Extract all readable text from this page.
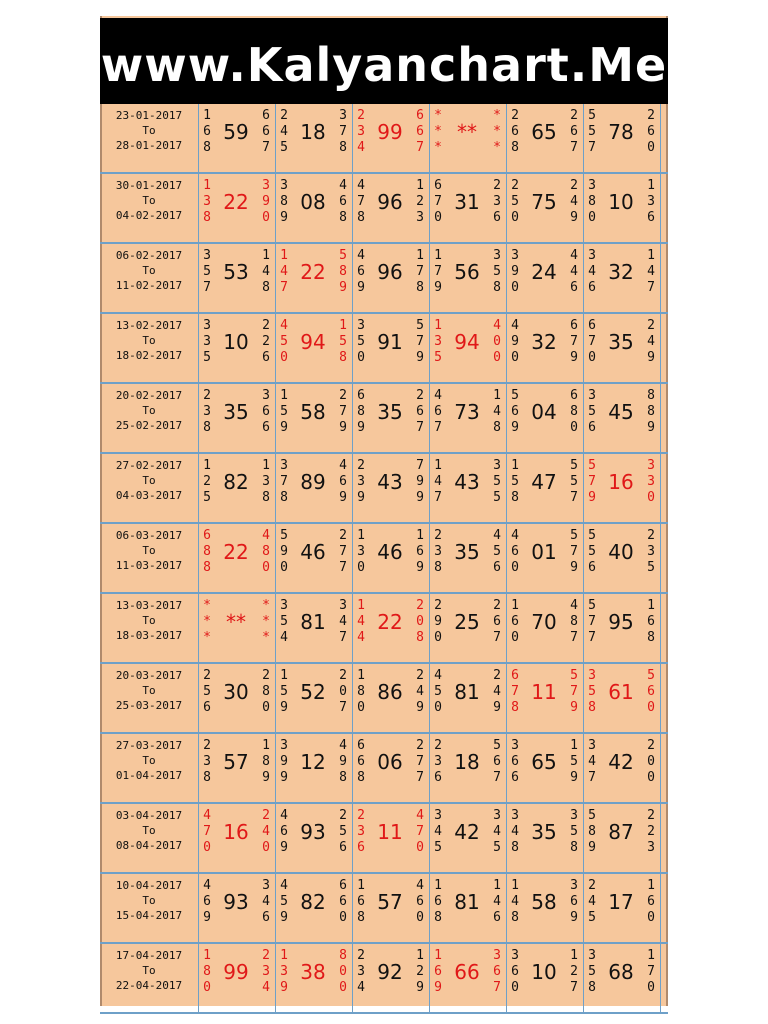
www.Kalyanchart.Me
23-01-2017
To
28-01-2017
1
6
8
59
6
6
7
2
4
5
18
3
7
8
2
3
4
99
6
6
7
*
*
*
**
*
*
*
2
6
8
65
2
6
7
5
5
7
78
2
6
0
30-01-2017
To
04-02-2017
1
3
8
22
3
9
0
3
8
9
08
4
6
8
4
7
8
96
1
2
3
6
7
0
31
2
3
6
2
5
0
75
2
4
9
3
8
0
10
1
3
6
06-02-2017
To
11-02-2017
3
5
7
53
1
4
8
1
4
7
22
5
8
9
4
6
9
96
1
7
8
1
7
9
56
3
5
8
3
9
0
24
4
4
6
3
4
6
32
1
4
7
13-02-2017
To
18-02-2017
3
3
5
10
2
2
6
4
5
0
94
1
5
8
3
5
0
91
5
7
9
1
3
5
94
4
0
0
4
9
0
32
6
7
9
6
7
0
35
2
4
9
20-02-2017
To
25-02-2017
2
3
8
35
3
6
6
1
5
9
58
2
7
9
6
8
9
35
2
6
7
4
6
7
73
1
4
8
5
6
9
04
6
8
0
3
5
6
45
8
8
9
27-02-2017
To
04-03-2017
1
2
5
82
1
3
8
3
7
8
89
4
6
9
2
3
9
43
7
9
9
1
4
7
43
3
5
5
1
5
8
47
5
5
7
5
7
9
16
3
3
0
06-03-2017
To
11-03-2017
6
8
8
22
4
8
0
5
9
0
46
2
7
7
1
3
0
46
1
6
9
2
3
8
35
4
5
6
4
6
0
01
5
7
9
5
5
6
40
2
3
5
13-03-2017
To
18-03-2017
*
*
*
**
*
*
*
3
5
4
81
3
4
7
1
4
4
22
2
0
8
2
9
0
25
2
6
7
1
6
0
70
4
8
7
5
7
7
95
1
6
8
20-03-2017
To
25-03-2017
2
5
6
30
2
8
0
1
5
9
52
2
0
7
1
8
0
86
2
4
9
4
5
0
81
2
4
9
6
7
8
11
5
7
9
3
5
8
61
5
6
0
27-03-2017
To
01-04-2017
2
3
8
57
1
8
9
3
9
9
12
4
9
8
6
6
8
06
2
7
7
2
3
6
18
5
6
7
3
6
6
65
1
5
9
3
4
7
42
2
0
0
03-04-2017
To
08-04-2017
4
7
0
16
2
4
0
4
6
9
93
2
5
6
2
3
6
11
4
7
0
3
4
5
42
3
4
5
3
4
8
35
3
5
8
5
8
9
87
2
2
3
10-04-2017
To
15-04-2017
4
6
9
93
3
4
6
4
5
9
82
6
6
0
1
6
8
57
4
6
0
1
6
8
81
1
4
6
1
4
8
58
3
6
9
2
4
5
17
1
6
0
17-04-2017
To
22-04-2017
1
8
0
99
2
3
4
1
3
9
38
8
0
0
2
3
4
92
1
2
9
1
6
9
66
3
6
7
3
6
0
10
1
2
7
3
5
8
68
1
7
0
